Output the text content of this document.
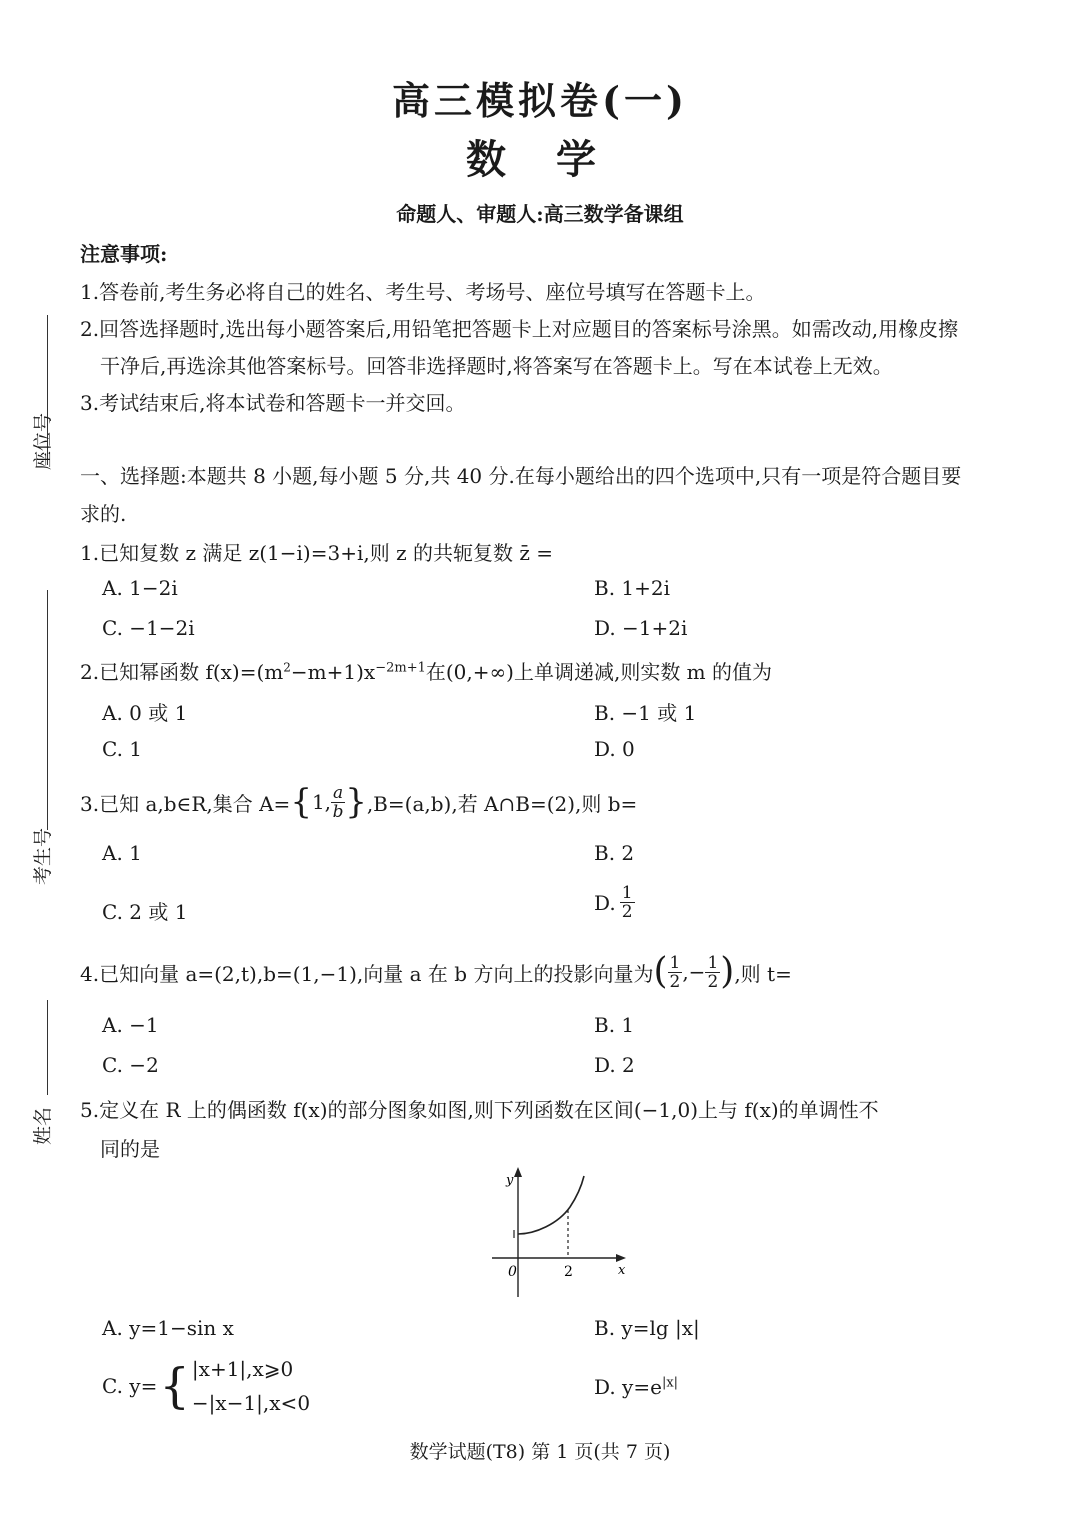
高三模拟卷(一)
数 学
命题人、审题人:高三数学备课组
座位号
考生号
姓名
注意事项:
1.答卷前,考生务必将自己的姓名、考生号、考场号、座位号填写在答题卡上。
2.回答选择题时,选出每小题答案后,用铅笔把答题卡上对应题目的答案标号涂黑。如需改动,用橡皮擦
干净后,再选涂其他答案标号。回答非选择题时,将答案写在答题卡上。写在本试卷上无效。
3.考试结束后,将本试卷和答题卡一并交回。
一、选择题:本题共 8 小题,每小题 5 分,共 40 分.在每小题给出的四个选项中,只有一项是符合题目要
求的.
1.已知复数 z 满足 z(1−i)=3+i,则 z 的共轭复数 z̄ =
A. 1−2i	B. 1+2i
C. −1−2i	D. −1+2i
2.已知幂函数 $f(x)=(m^2-m+1)x^{-2m+1}$在(0,+∞)上单调递减,则实数 m 的值为
A. 0 或 1	B. −1 或 1
C. 1	D. 0
3.已知 a,b∈R,集合 A= { 1, $\frac{a}{b}$ } ,B=(a,b),若 A∩B=(2),则 b=
A. 1	B. 2
C. 2 或 1	D. $\frac{1}{2}$
4.已知向量 a=(2,t),b=(1,−1),向量 a 在 b 方向上的投影向量为 ( $\frac{1}{2}$ ,− $\frac{1}{2}$ ) ,则 t=
A. −1	B. 1
C. −2	D. 2
5.定义在 R 上的偶函数 f(x)的部分图象如图,则下列函数在区间(−1,0)上与 f(x)的单调性不
同的是
y
x
0	2
A. y=1−sin x	B. y=lg |x|
C. y= { |x+1|,x⩾0
−|x−1|,x<0
D. $y=e^{|x|}$
数学试题(T8) 第 1 页(共 7 页)
